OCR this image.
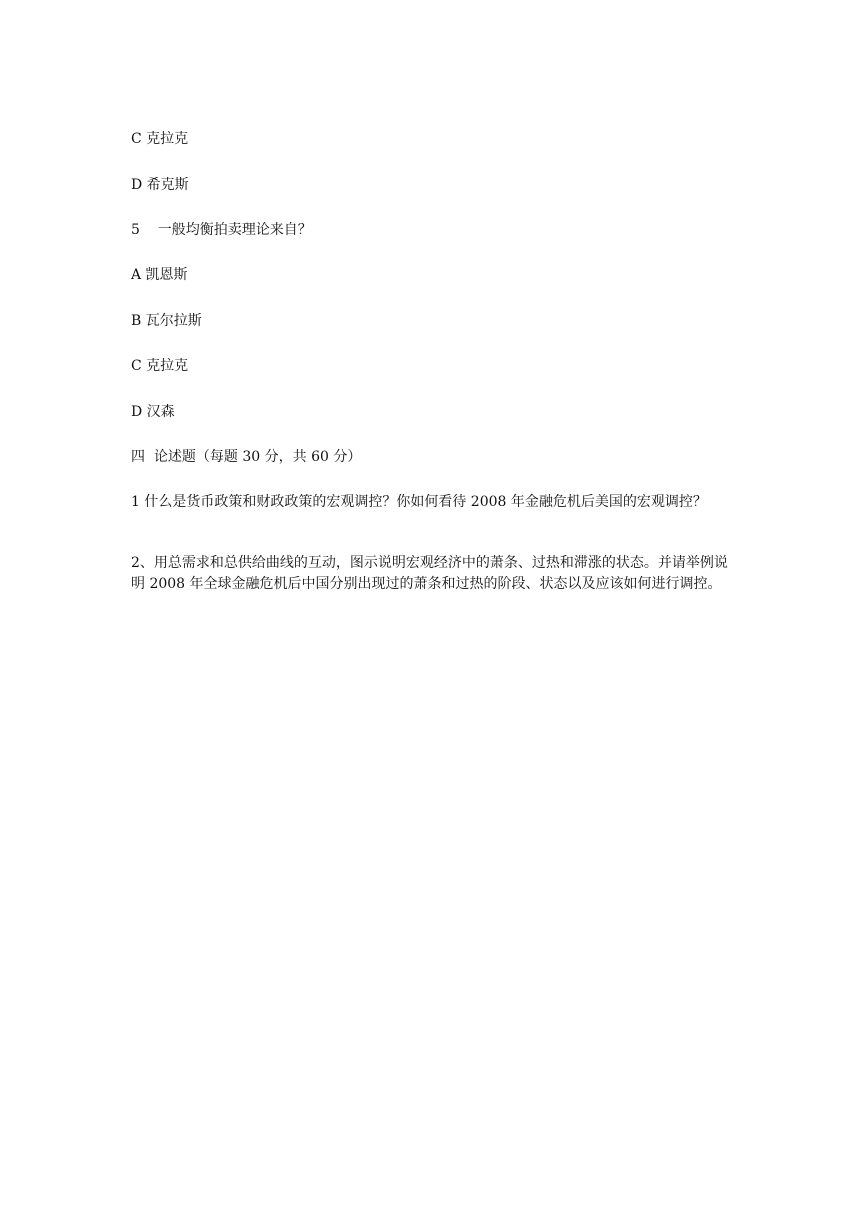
C 克拉克

D 希克斯

5    一般均衡拍卖理论来自？

A 凯恩斯

B 瓦尔拉斯

C 克拉克

D 汉森

四  论述题（每题 30 分，共 60 分）

1 什么是货币政策和财政政策的宏观调控？你如何看待 2008 年金融危机后美国的宏观调控？

2、用总需求和总供给曲线的互动，图示说明宏观经济中的萧条、过热和滞涨的状态。并请举例说明 2008 年全球金融危机后中国分别出现过的萧条和过热的阶段、状态以及应该如何进行调控。
